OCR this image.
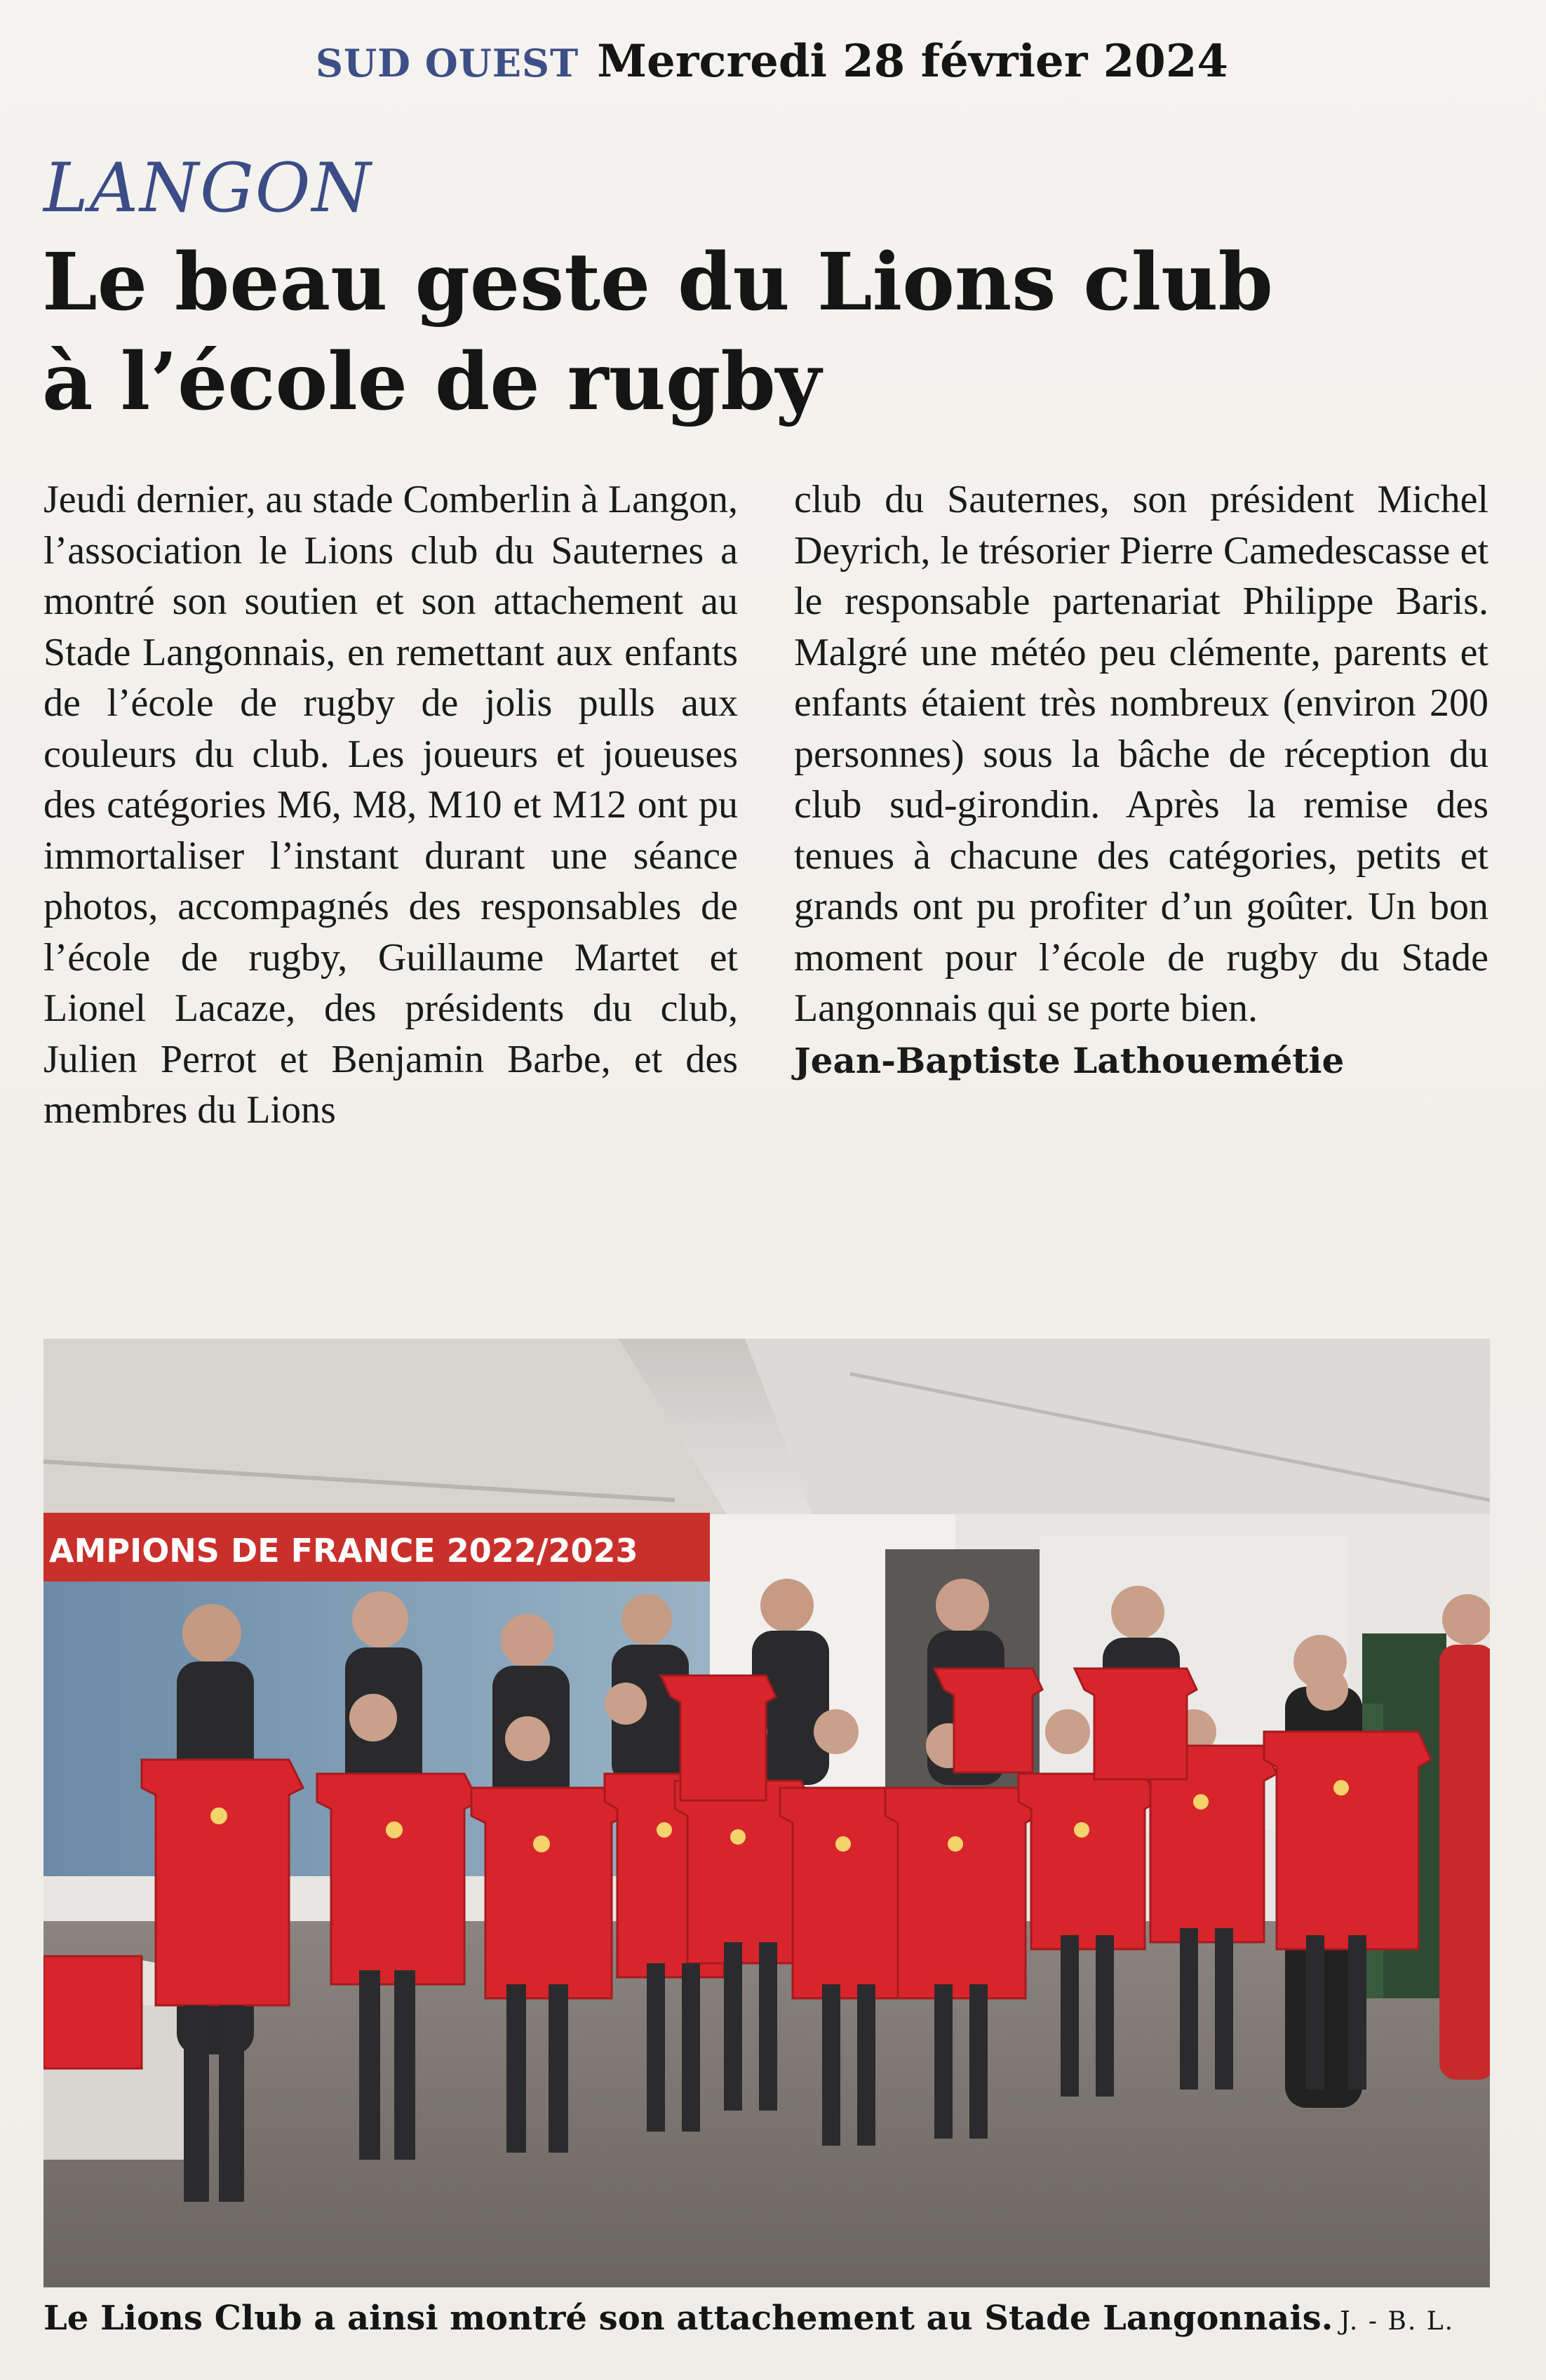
SUD OUEST Mercredi 28 février 2024
LANGON
Le beau geste du Lions club
à l’école de rugby

Jeudi dernier, au stade Comberlin à Langon, l’association le Lions club du Sauternes a montré son soutien et son attachement au Stade Langonnais, en remettant aux enfants de l’école de rugby de jolis pulls aux couleurs du club. Les joueurs et joueuses des catégories M6, M8, M10 et M12 ont pu immortaliser l’instant durant une séance photos, accompagnés des responsables de l’école de rugby, Guillaume Martet et Lionel Lacaze, des présidents du club, Julien Perrot et Benjamin Barbe, et des membres du Lions

club du Sauternes, son président Michel Deyrich, le trésorier Pierre Camedescasse et le responsable partenariat Philippe Baris. Malgré une météo peu clémente, parents et enfants étaient très nombreux (environ 200 personnes) sous la bâche de réception du club sud-girondin. Après la remise des tenues à chacune des catégories, petits et grands ont pu profiter d’un goûter. Un bon moment pour l’école de rugby du Stade Langonnais qui se porte bien.

Jean-Baptiste Lathouemétie
AMPIONS DE FRANCE 2022/2023
Le Lions Club a ainsi montré son attachement au Stade Langonnais. J. - B. L.
